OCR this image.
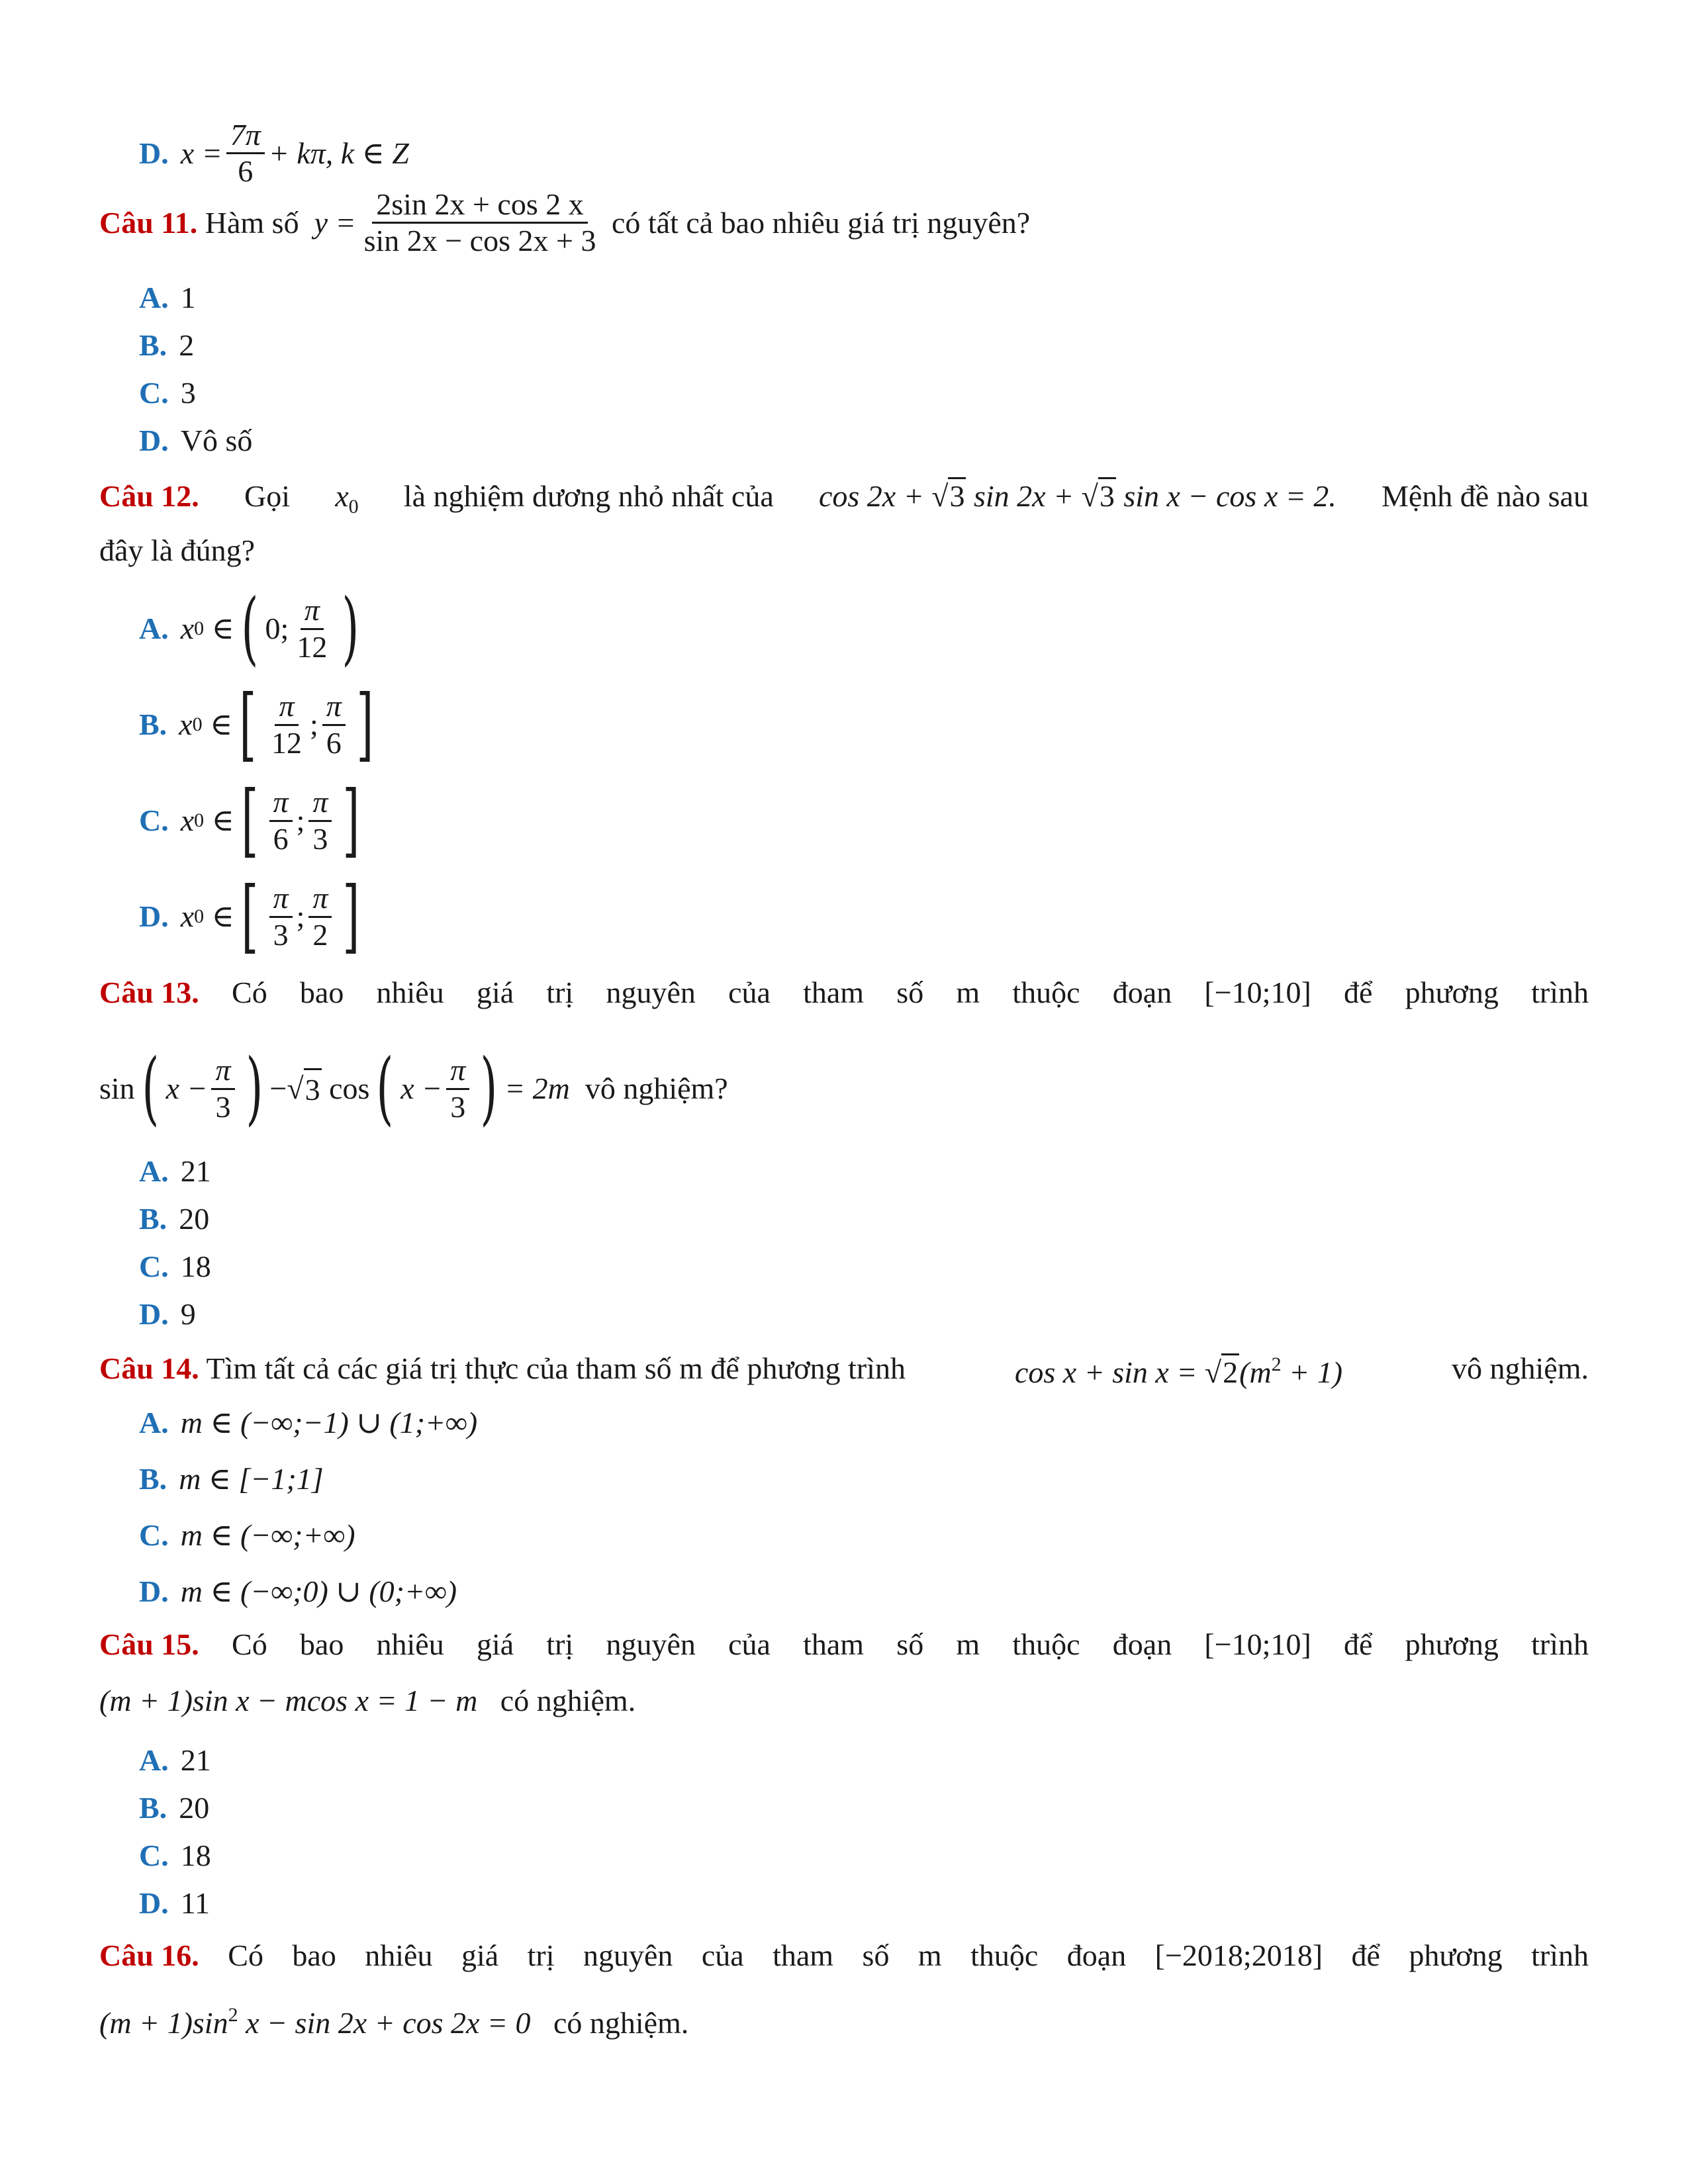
D. $x = \frac{7\pi}{6} + k\pi$, k ∈ Z
Câu 11.
Hàm số
$y = \frac{2\sin 2x + \cos 2 x}{\sin 2x - \cos 2x + 3}$
có tất cả bao nhiêu giá trị nguyên?
A. 1
B. 2
C. 3
D. Vô số
Câu 12. Gọi $x_0$ là nghiệm dương nhỏ nhất của cos 2x + √3 sin 2x + √3 sin x − cos x = 2. Mệnh đề nào sau
đây là đúng?
A. x 0
∈ ( 0; $\frac{\pi}{12}$ )
B. x 0
∈ [ $\frac{\pi}{12}$ ; $\frac{\pi}{6}$ ]
C. x 0
∈ [ $\frac{\pi}{6}$ ; $\frac{\pi}{3}$ ]
D. x 0
∈ [ $\frac{\pi}{3}$ ; $\frac{\pi}{2}$ ]
Câu 13. Có bao nhiêu giá trị nguyên của tham số m thuộc đoạn [−10;10] để phương trình
sin ( $x - \frac{\pi}{3}$ ) − √ 3
cos ( $x - \frac{\pi}{3}$ ) = 2m
vô nghiệm?
A. 21
B. 20
C. 18
D. 9
Câu 14. Tìm tất cả các giá trị thực của tham số m để phương trình	$\cos x + \sin x = √2(m^2 + 1)$	vô nghiệm.
A. m ∈ (−∞;−1) ∪ (1;+∞)
B. m ∈ [−1;1]
C. m ∈ (−∞;+∞)
D. m ∈ (−∞;0) ∪ (0;+∞)
Câu 15. Có bao nhiêu giá trị nguyên của tham số m thuộc đoạn [−10;10] để phương trình
(m + 1)sin x − mcos x = 1 − m có nghiệm.
A. 21
B. 20
C. 18
D. 11
Câu 16. Có bao nhiêu giá trị nguyên của tham số m thuộc đoạn [−2018;2018] để phương trình
$(m + 1)\sin^2$ x − sin 2x + cos 2x = 0 có nghiệm.
